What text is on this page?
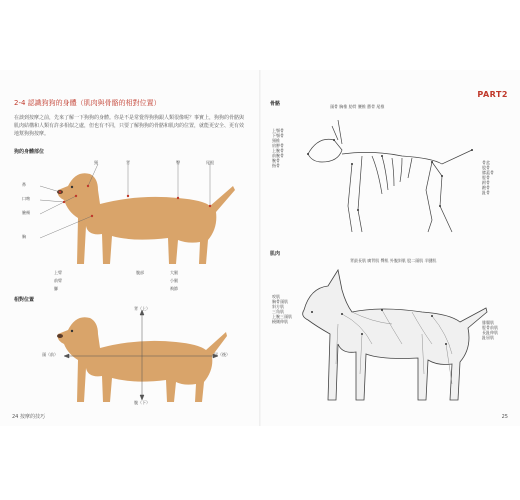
2-4 認識狗狗的身體（肌肉與骨骼的相對位置）
在談到按摩之前，先來了解一下狗狗的身體。你是不是常覺得狗狗跟人類很像呢？事實上，狗狗的骨骼與肌肉結構和人類有許多相似之處，但也有不同，只要了解狗狗的骨骼和肌肉的位置，就能更安全、更有效地幫狗狗按摩。
狗的身體部位
鼻
口吻
臉頰
胸
頸	背	臀	尾根
上臂
前臂
腳
腹部	大腿
小腿
飛節
相對位置
背（上）
腹（下）
頭（前）	尾（後）
24 按摩的技巧
PART2
骨骼
上顎骨
下顎骨
頸椎
肩胛骨
上腕骨
前腕骨
腕骨
指骨
頭骨 胸椎 肋骨 腰椎 薦骨 尾椎
骨盆
股骨
膝蓋骨
脛骨
跗骨
蹠骨
趾骨
肌肉
咬肌
胸骨頭肌
斜方肌
三角肌
上腕三頭肌
橈側伸肌
背最長肌 廣背肌 臀肌 外腹斜肌 股二頭肌 半腱肌
腓腸肌
脛骨前肌
長趾伸肌
趾屈肌
25
